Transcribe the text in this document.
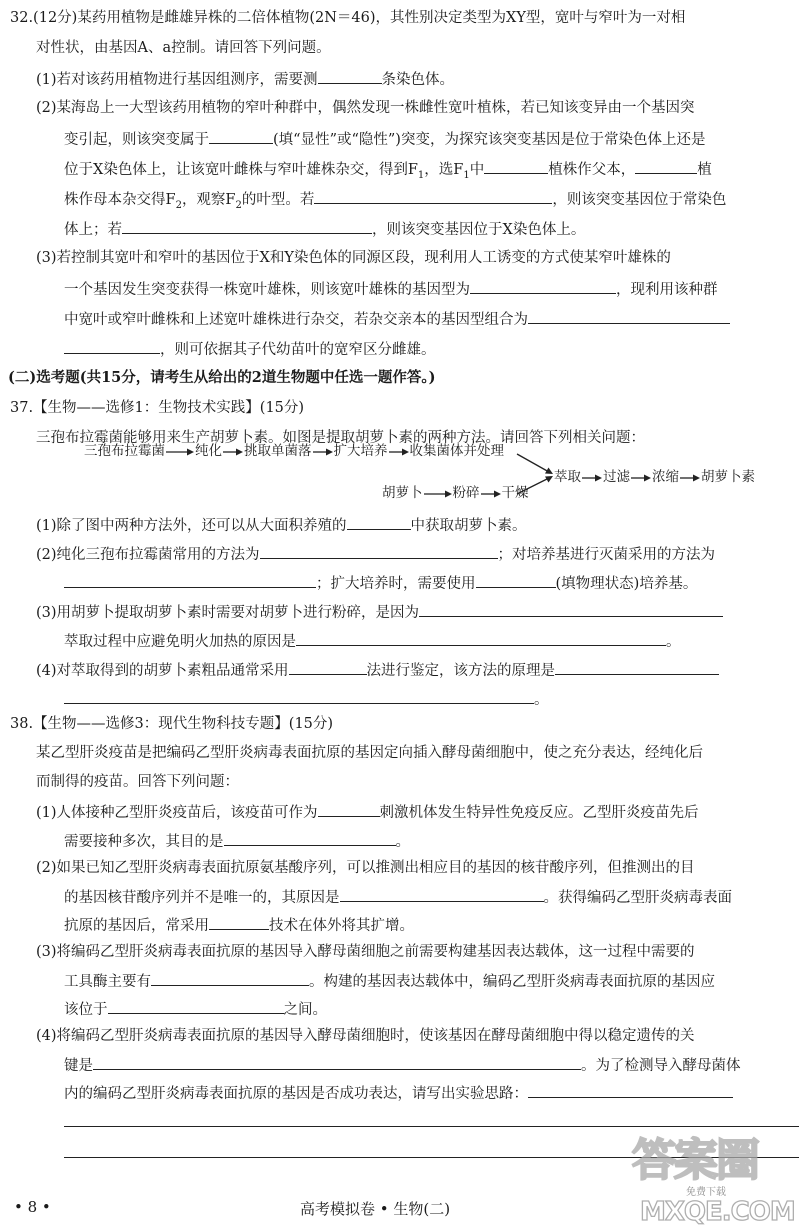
32.(12分)某药用植物是雌雄异株的二倍体植物(2N＝46)，其性别决定类型为XY型，宽叶与窄叶为一对相
对性状，由基因A、a控制。请回答下列问题。
(1)若对该药用植物进行基因组测序，需要测	条染色体。
(2)某海岛上一大型该药用植物的窄叶种群中，偶然发现一株雌性宽叶植株，若已知该变异由一个基因突
变引起，则该突变属于	(填“显性”或“隐性”)突变，为探究该突变基因是位于常染色体上还是
位于X染色体上，让该宽叶雌株与窄叶雄株杂交，得到$F_1$，选$F_1$中	植株作父本，	植
株作母本杂交得$F_2$，观察$F_2$的叶型。若	，则该突变基因位于常染色
体上；若	，则该突变基因位于X染色体上。
(3)若控制其宽叶和窄叶的基因位于X和Y染色体的同源区段，现利用人工诱变的方式使某窄叶雄株的
一个基因发生突变获得一株宽叶雄株，则该宽叶雄株的基因型为	，现利用该种群
中宽叶或窄叶雌株和上述宽叶雄株进行杂交，若杂交亲本的基因型组合为
，则可依据其子代幼苗叶的宽窄区分雌雄。
(二)选考题(共15分，请考生从给出的2道生物题中任选一题作答。)
37.【生物——选修1：生物技术实践】(15分)
三孢布拉霉菌能够用来生产胡萝卜素。如图是提取胡萝卜素的两种方法。请回答下列相关问题：
三孢布拉霉菌 纯化 挑取单菌落 扩大培养 收集菌体并处理
胡萝卜 粉碎 干燥
萃取 过滤 浓缩 胡萝卜素
(1)除了图中两种方法外，还可以从大面积养殖的	中获取胡萝卜素。
(2)纯化三孢布拉霉菌常用的方法为	；对培养基进行灭菌采用的方法为
；扩大培养时，需要使用	(填物理状态)培养基。
(3)用胡萝卜提取胡萝卜素时需要对胡萝卜进行粉碎，是因为
萃取过程中应避免明火加热的原因是	。
(4)对萃取得到的胡萝卜素粗品通常采用	法进行鉴定，该方法的原理是
。
38.【生物——选修3：现代生物科技专题】(15分)
某乙型肝炎疫苗是把编码乙型肝炎病毒表面抗原的基因定向插入酵母菌细胞中，使之充分表达，经纯化后
而制得的疫苗。回答下列问题：
(1)人体接种乙型肝炎疫苗后，该疫苗可作为	刺激机体发生特异性免疫反应。乙型肝炎疫苗先后
需要接种多次，其目的是	。
(2)如果已知乙型肝炎病毒表面抗原氨基酸序列，可以推测出相应目的基因的核苷酸序列，但推测出的目
的基因核苷酸序列并不是唯一的，其原因是	。获得编码乙型肝炎病毒表面
抗原的基因后，常采用	技术在体外将其扩增。
(3)将编码乙型肝炎病毒表面抗原的基因导入酵母菌细胞之前需要构建基因表达载体，这一过程中需要的
工具酶主要有	。构建的基因表达载体中，编码乙型肝炎病毒表面抗原的基因应
该位于	之间。
(4)将编码乙型肝炎病毒表面抗原的基因导入酵母菌细胞时，使该基因在酵母菌细胞中得以稳定遗传的关
键是	。为了检测导入酵母菌体
内的编码乙型肝炎病毒表面抗原的基因是否成功表达，请写出实验思路：
• 8 •	高考模拟卷 • 生物(二)
答案圈
免费下载
MXQE.COM
